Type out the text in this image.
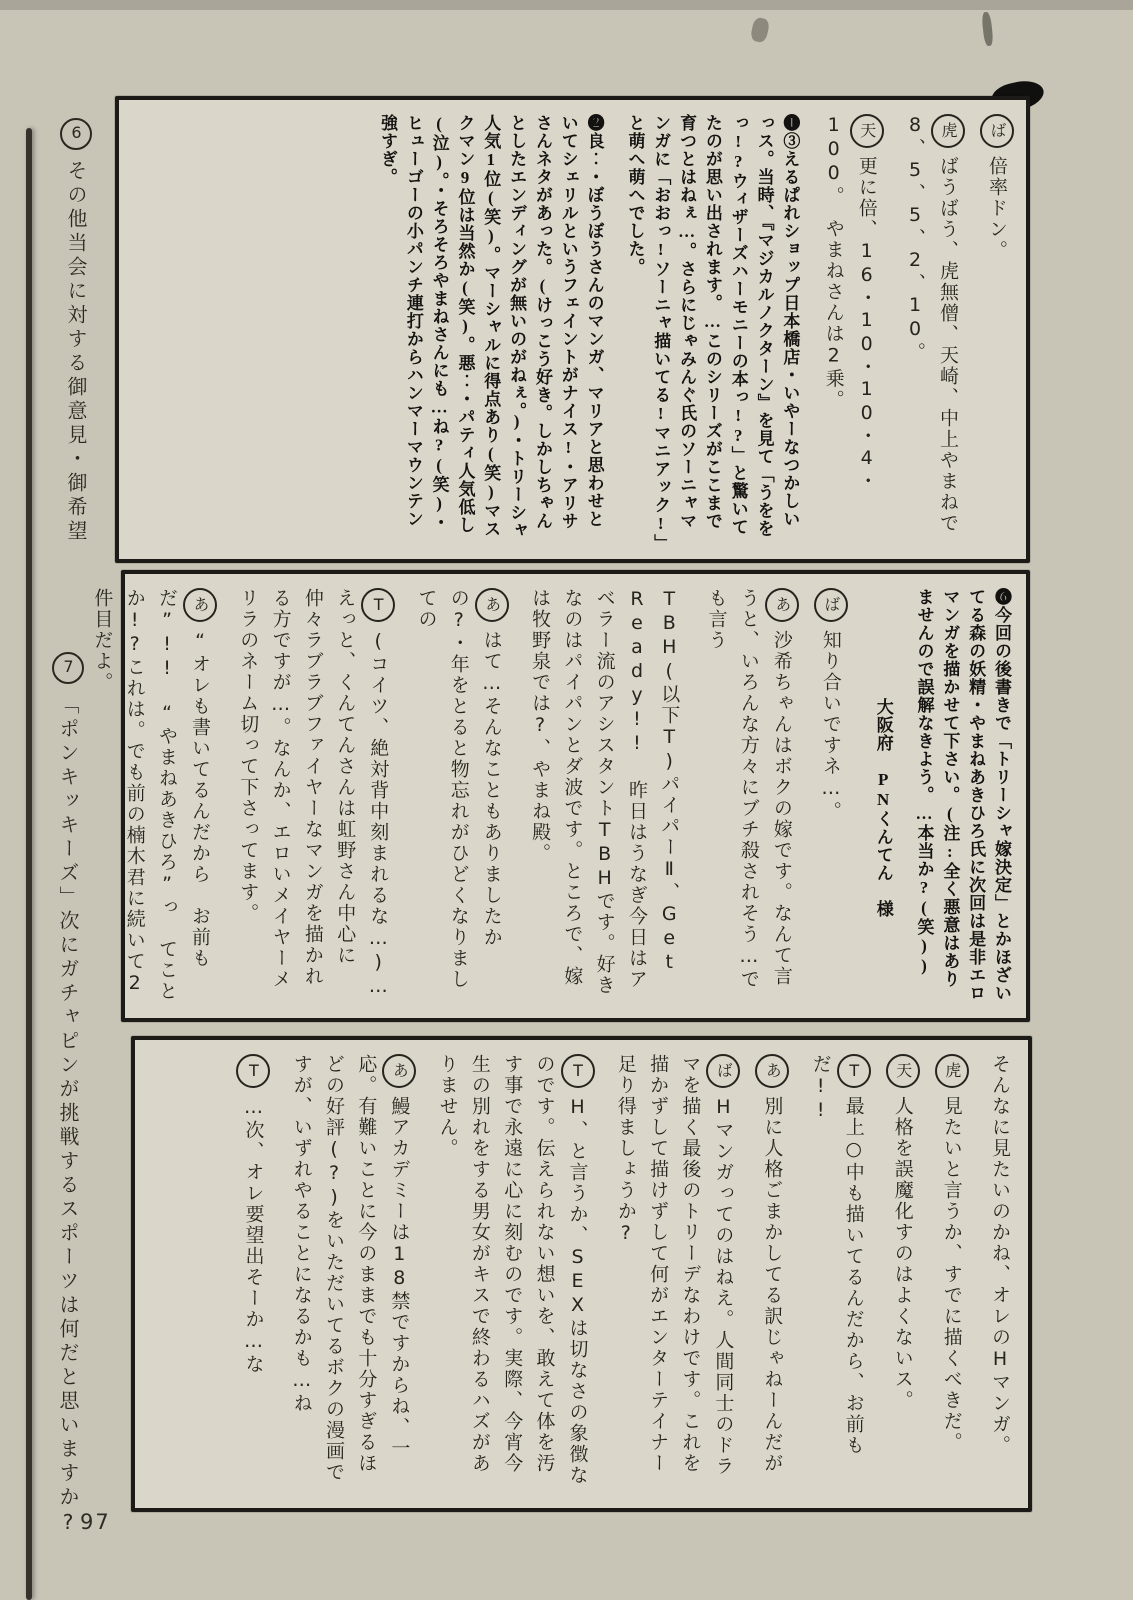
6その他当会に対する御意見・御希望
7「ポンキッキーズ」次にガチャピンが挑戦するスポーツは何だと思いますか?
ば倍率ドン。
虎ばうばう、虎無僧、天崎、中上やまねで　8、5、5、2、10。
天更に倍、16・10・10・4・100。　やまねさんは2乗。
❶③えるぱれショップ日本橋店・いやーなつかしいっス。当時、『マジカルノクターン』を見て「うををっ!?ウィザーズハーモニーの本っ!?」と驚いてたのが思い出されます。…このシリーズがここまで育つとはねぇ…。さらにじゃみんぐ氏のソーニャマンガに「おおっ!ソーニャ描いてる!マニアック!」と萌へ萌へでした。
❷良‥・ぼうぼうさんのマンガ、マリアと思わせといてシェリルというフェイントがナイス!・アリサさんネタがあった。(けっこう好き。しかしちゃんとしたエンディングが無いのがねぇ。)・トリーシャ人気1位(笑)。マーシャルに得点あり(笑)マスクマン9位は当然か(笑)。悪‥・パティ人気低し(泣)。・そろそろやまねさんにも…ね?(笑)・ヒューゴーの小パンチ連打からハンマーマウンテン強すぎ。
❻今回の後書きで「トリーシャ嫁決定」とかほざいてる森の妖精・やまねあきひろ氏に次回は是非エロマンガを描かせて下さい。(注:全く悪意はありませんので誤解なきよう。…本当か?(笑))
大阪府　PNくんてん　様
ば知り合いですネ…。
あ沙希ちゃんはボクの嫁です。なんて言うと、いろんな方々にブチ殺されそう…でも言う
TBH(以下T)パイパーⅡ、Get Ready!! 昨日はうなぎ今日はアベラー流のアシスタントTBHです。好きなのはパイパンとダ波です。ところで、嫁は牧野泉では?、やまね殿。
あはて…そんなこともありましたかの?・年をとると物忘れがひどくなりましての
T(コイツ、絶対背中刻まれるな…)…えっと、くんてんさんは虹野さん中心に仲々ラブラブファイヤーなマンガを描かれる方ですが…。なんか、エロいメイヤーメリラのネーム切って下さってます。
あ“オレも書いてるんだから　お前もだ”!!　“やまねあきひろ”っ　てことか!?これは。でも前の楠木君に続いて2件目だよ。
そんなに見たいのかね、オレのHマンガ。
虎見たいと言うか、すでに描くべきだ。
天人格を誤魔化すのはよくないス。
T最上○中も描いてるんだから、お前もだ!!
あ別に人格ごまかしてる訳じゃねーんだが
ばHマンガってのはねえ。人間同士のドラマを描く最後のトリーデなわけです。これを描かずして描けずして何がエンターテイナー足り得ましょうか?
TH、と言うか、SEXは切なさの象徴なのです。伝えられない想いを、敢えて体を汚す事で永遠に心に刻むのです。実際、今宵今生の別れをする男女がキスで終わるハズがありません。
あ鰻アカデミーは18禁ですからね、一応。有難いことに今のままでも十分すぎるほどの好評(?)をいただいてるボクの漫画ですが、いずれやることになるかも…ね
T…次、オレ要望出そーか…な
97
